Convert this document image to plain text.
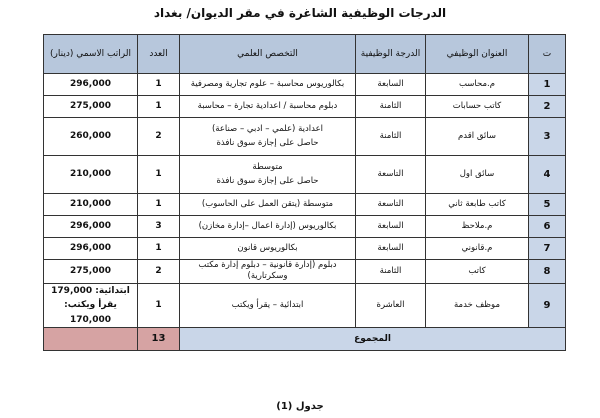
الدرجات الوظيفية الشاغرة في مقر الديوان/ بغداد
ت	العنوان الوظيفي	الدرجة الوظيفية	التخصص العلمي	العدد	الراتب الاسمي (دينار)
1	م.محاسب	السابعة	بكالوريوس محاسبة – علوم تجارية ومصرفية	1	296,000

2	كاتب حسابات	الثامنة	دبلوم محاسبة / اعدادية تجارة – محاسبة	1	275,000

3	سائق اقدم	الثامنة	اعدادية (علمي – ادبي – صناعة)
حاصل على إجازة سوق نافذة	2	260,000

4	سائق اول	التاسعة	متوسطة
حاصل على إجازة سوق نافذة	1	210,000

5	كاتب طابعة ثاني	التاسعة	متوسطة (يتقن العمل على الحاسوب)	1	210,000

6	م.ملاحظ	السابعة	بكالوريوس (إدارة اعمال –إدارة مخازن)	3	296,000

7	م.قانوني	السابعة	بكالوريوس قانون	1	296,000

8	كاتب	الثامنة	دبلوم (إدارة قانونية – دبلوم إدارة مكتب وسكرتارية)	2	275,000

9	موظف خدمة	العاشرة	ابتدائية – يقرأ ويكتب	1	ابتدائية: 179,000
يقرأ ويكتب:
170,000

المجموع				13	
جدول (1)
